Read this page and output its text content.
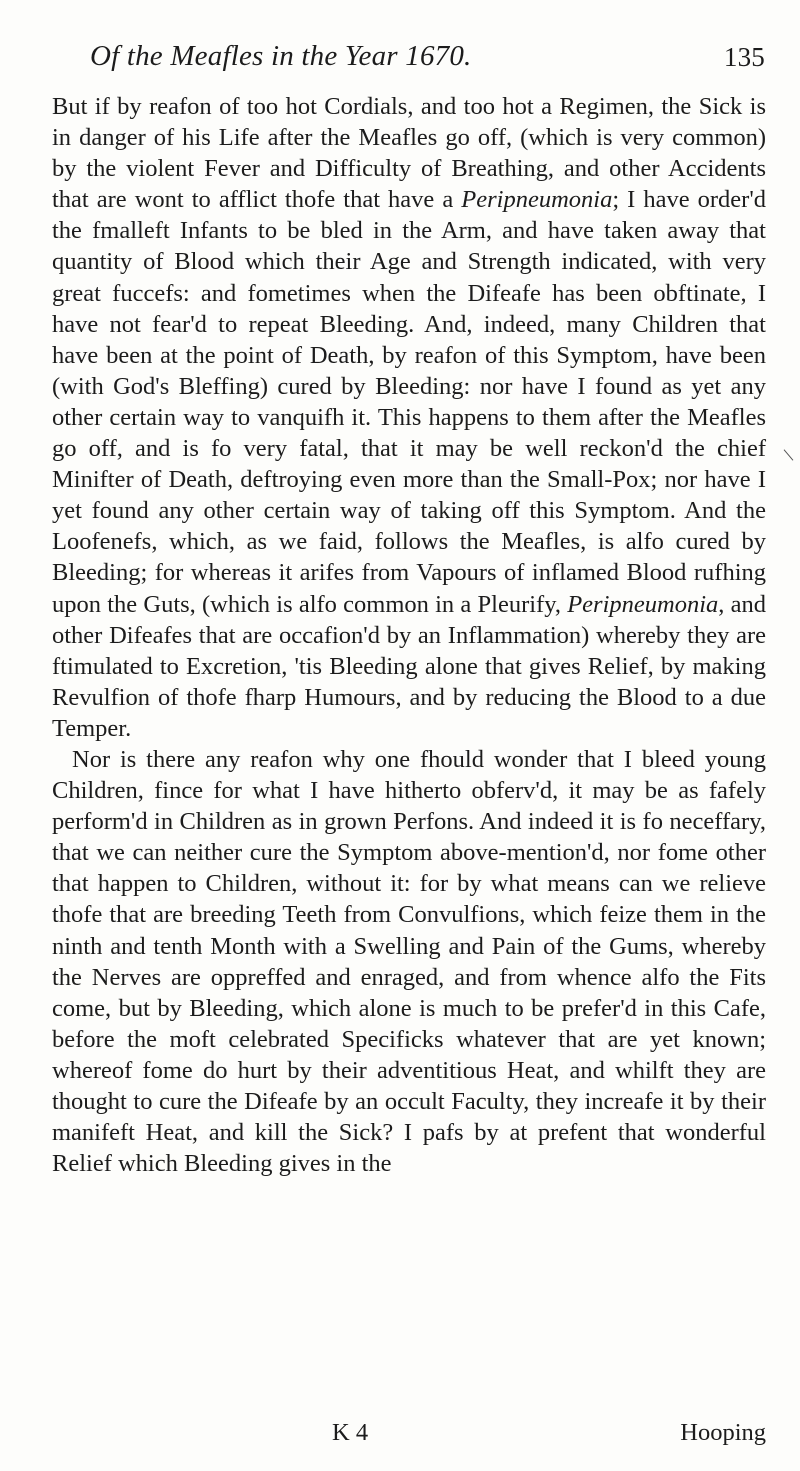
Of the Meafles in the Year 1670.	135

But if by reafon of too hot Cordials, and too hot a Regimen, the Sick is in danger of his Life after the Meafles go off, (which is very common) by the violent Fever and Difficulty of Breathing, and other Accidents that are wont to afflict thofe that have a Peripneumonia; I have order'd the fmalleft Infants to be bled in the Arm, and have taken away that quantity of Blood which their Age and Strength indicated, with very great fuccefs: and fometimes when the Difeafe has been obftinate, I have not fear'd to repeat Bleeding. And, indeed, many Children that have been at the point of Death, by reafon of this Symptom, have been (with God's Bleffing) cured by Bleeding: nor have I found as yet any other certain way to vanquifh it. This happens to them after the Meafles go off, and is fo very fatal, that it may be well reckon'd the chief Minifter of Death, deftroying even more than the Small-Pox; nor have I yet found any other certain way of taking off this Symptom. And the Loofenefs, which, as we faid, follows the Meafles, is alfo cured by Bleeding; for whereas it arifes from Vapours of inflamed Blood rufhing upon the Guts, (which is alfo common in a Pleurify, Peripneumonia, and other Difeafes that are occafion'd by an Inflammation) whereby they are ftimulated to Excretion, 'tis Bleeding alone that gives Relief, by making Revulfion of thofe fharp Humours, and by reducing the Blood to a due Temper.

Nor is there any reafon why one fhould wonder that I bleed young Children, fince for what I have hitherto obferv'd, it may be as fafely perform'd in Children as in grown Perfons. And indeed it is fo neceffary, that we can neither cure the Symptom above-mention'd, nor fome other that happen to Children, without it: for by what means can we relieve thofe that are breeding Teeth from Convulfions, which feize them in the ninth and tenth Month with a Swelling and Pain of the Gums, whereby the Nerves are oppreffed and enraged, and from whence alfo the Fits come, but by Bleeding, which alone is much to be prefer'd in this Cafe, before the moft celebrated Specificks whatever that are yet known; whereof fome do hurt by their adventitious Heat, and whilft they are thought to cure the Difeafe by an occult Faculty, they increafe it by their manifeft Heat, and kill the Sick? I pafs by at prefent that wonderful Relief which Bleeding gives in the

K 4	Hooping
